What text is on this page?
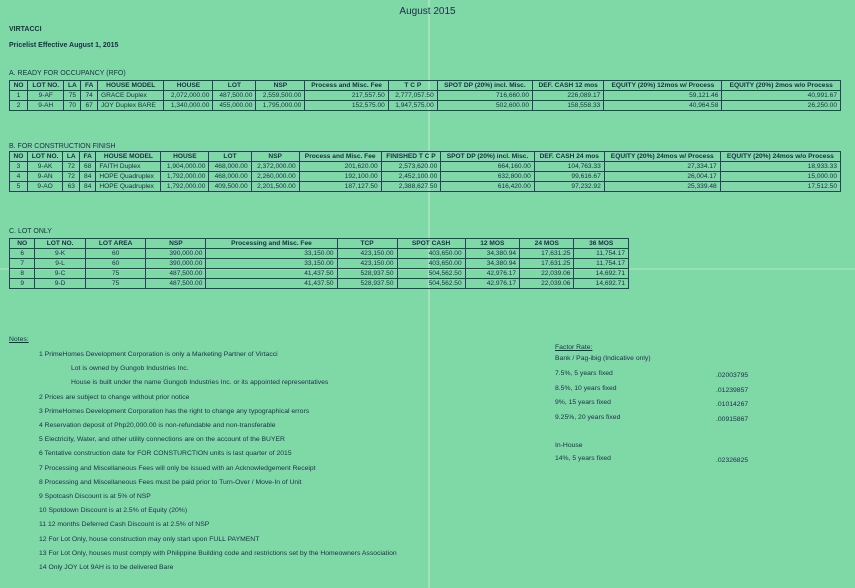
August 2015
VIRTACCI
Pricelist Effective August 1, 2015
A. READY FOR OCCUPANCY (RFO)
NO	LOT NO.	LA	FA	HOUSE MODEL	HOUSE	LOT	NSP	Process and Misc. Fee	T C P	SPOT DP (20%) incl. Misc.	DEF. CASH 12 mos	EQUITY (20%) 12mos w/ Process	EQUITY (20%) 2mos w/o Process
1	9-AF	75	74	GRACE Duplex	2,072,000.00	487,500.00	2,559,500.00	217,557.50	2,777,057.50	716,660.00	226,089.17	59,121.46	40,991.67
2	9-AH	70	67	JOY Duplex BARE	1,340,000.00	455,000.00	1,795,000.00	152,575.00	1,947,575.00	502,600.00	158,558.33	40,964.58	26,250.00
B. FOR CONSTRUCTION FINISH
NO	LOT NO.	LA	FA	HOUSE MODEL	HOUSE	LOT	NSP	Process and Misc. Fee	FINISHED T C P	SPOT DP (20%) incl. Misc.	DEF. CASH 24 mos	EQUITY (20%) 24mos w/ Process	EQUITY (20%) 24mos w/o Process
3	9-AK	72	68	FAITH Duplex	1,904,000.00	468,000.00	2,372,000.00	201,620.00	2,573,620.00	664,160.00	104,763.33	27,334.17	18,933.33
4	9-AN	72	84	HOPE Quadruplex	1,792,000.00	468,000.00	2,260,000.00	192,100.00	2,452,100.00	632,800.00	99,616.67	26,004.17	15,000.00
5	9-AO	63	84	HOPE Quadruplex	1,792,000.00	409,500.00	2,201,500.00	187,127.50	2,388,627.50	616,420.00	97,232.92	25,339.48	17,512.50
C. LOT ONLY
NO	LOT NO.	LOT AREA	NSP	Processing and Misc. Fee	TCP	SPOT CASH	12 MOS	24 MOS	36 MOS
6	9-K	60	390,000.00	33,150.00	423,150.00	403,650.00	34,380.94	17,631.25	11,754.17
7	9-L	60	390,000.00	33,150.00	423,150.00	403,650.00	34,380.94	17,631.25	11,754.17
8	9-C	75	487,500.00	41,437.50	528,937.50	504,562.50	42,976.17	22,039.06	14,692.71
9	9-D	75	487,500.00	41,437.50	528,937.50	504,562.50	42,976.17	22,039.06	14,692.71
Notes:
1 PrimeHomes Development Corporation is only a Marketing Partner of Virtacci
Lot is owned by Gungob Industries Inc.
House is built under the name Gungob Industries Inc. or its appointed representatives
2 Prices are subject to change without prior notice
3 PrimeHomes Development Corporation has the right to change any typographical errors
4 Reservation deposit of Php20,000.00 is non-refundable and non-transferable
5 Electricity, Water, and other utility connections are on the account of the BUYER
6 Tentative construction date for FOR CONSTURCTION units is last quarter of 2015
7 Processing and Miscellaneous Fees will only be issued with an Acknowledgement Receipt
8 Processing and Miscellaneous Fees must be paid prior to Turn-Over / Move-In of Unit
9 Spotcash Discount is at 5% of NSP
10 Spotdown Discount is at 2.5% of Equity (20%)
11 12 months Deferred Cash Discount is at 2.5% of NSP
12 For Lot Only, house construction may only start upon FULL PAYMENT
13 For Lot Only, houses must comply with Philippine Building code and restrictions set by the Homeowners Association
14 Only JOY Lot 9AH is to be delivered Bare
Factor Rate:
Bank / Pag-ibig (Indicative only)
7.5%, 5 years fixed	.02003795
8.5%, 10 years fixed	.01239857
9%, 15 years fixed	.01014267
9.25%, 20 years fixed	.00915867
In-House
14%, 5 years fixed	.02326825
